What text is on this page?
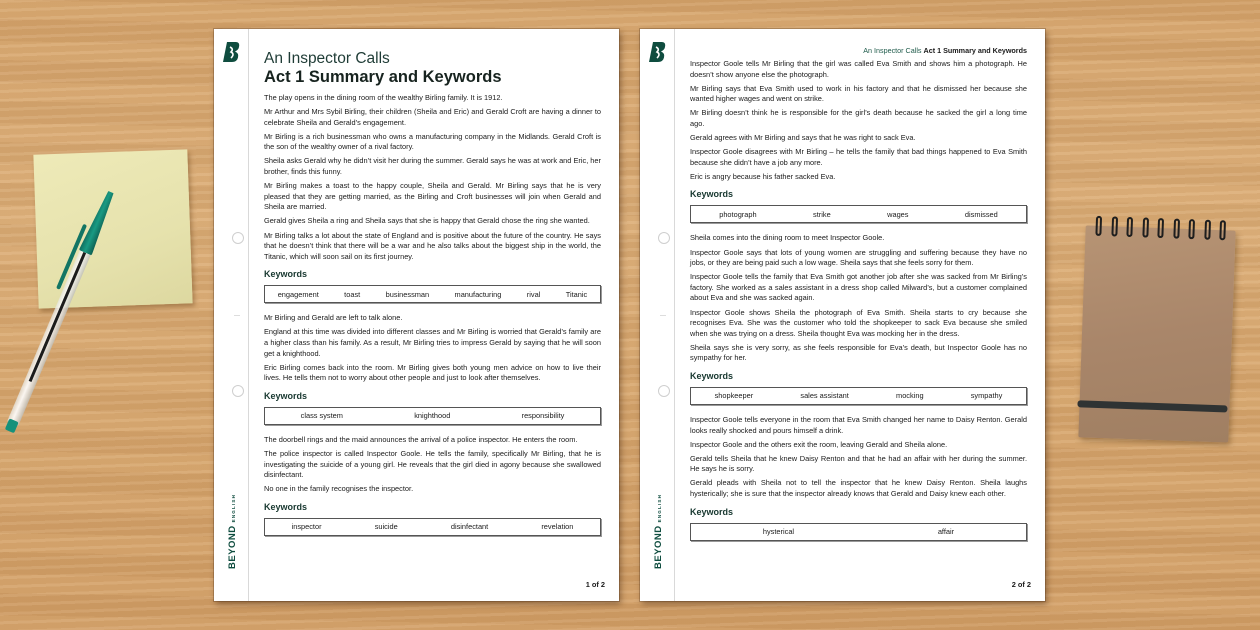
BEYONDENGLISH
An Inspector Calls
Act 1 Summary and Keywords

The play opens in the dining room of the wealthy Birling family. It is 1912.

Mr Arthur and Mrs Sybil Birling, their children (Sheila and Eric) and Gerald Croft are having a dinner to celebrate Sheila and Gerald’s engagement.

Mr Birling is a rich businessman who owns a manufacturing company in the Midlands. Gerald Croft is the son of the wealthy owner of a rival factory.

Sheila asks Gerald why he didn’t visit her during the summer. Gerald says he was at work and Eric, her brother, finds this funny.

Mr Birling makes a toast to the happy couple, Sheila and Gerald. Mr Birling says that he is very pleased that they are getting married, as the Birling and Croft businesses will join when Gerald and Sheila are married.

Gerald gives Sheila a ring and Sheila says that she is happy that Gerald chose the ring she wanted.

Mr Birling talks a lot about the state of England and is positive about the future of the country. He says that he doesn’t think that there will be a war and he also talks about the biggest ship in the world, the Titanic, which will soon sail on its first journey.

Keywords
engagement	toast	businessman	manufacturing	rival	Titanic

Mr Birling and Gerald are left to talk alone.

England at this time was divided into different classes and Mr Birling is worried that Gerald’s family are a higher class than his family. As a result, Mr Birling tries to impress Gerald by saying that he will soon get a knighthood.

Eric Birling comes back into the room. Mr Birling gives both young men advice on how to live their lives. He tells them not to worry about other people and just to look after themselves.

Keywords
class system	knighthood	responsibility

The doorbell rings and the maid announces the arrival of a police inspector. He enters the room.

The police inspector is called Inspector Goole. He tells the family, specifically Mr Birling, that he is investigating the suicide of a young girl. He reveals that the girl died in agony because she swallowed disinfectant.

No one in the family recognises the inspector.

Keywords
inspector	suicide	disinfectant	revelation
1 of 2
BEYONDENGLISH
An Inspector Calls Act 1 Summary and Keywords

Inspector Goole tells Mr Birling that the girl was called Eva Smith and shows him a photograph. He doesn’t show anyone else the photograph.

Mr Birling says that Eva Smith used to work in his factory and that he dismissed her because she wanted higher wages and went on strike.

Mr Birling doesn’t think he is responsible for the girl’s death because he sacked the girl a long time ago.

Gerald agrees with Mr Birling and says that he was right to sack Eva.

Inspector Goole disagrees with Mr Birling – he tells the family that bad things happened to Eva Smith because she didn’t have a job any more.

Eric is angry because his father sacked Eva.

Keywords
photograph	strike	wages	dismissed

Sheila comes into the dining room to meet Inspector Goole.

Inspector Goole says that lots of young women are struggling and suffering because they have no jobs, or they are being paid such a low wage. Sheila says that she feels sorry for them.

Inspector Goole tells the family that Eva Smith got another job after she was sacked from Mr Birling’s factory. She worked as a sales assistant in a dress shop called Milward’s, but a customer complained about Eva and she was sacked again.

Inspector Goole shows Sheila the photograph of Eva Smith. Sheila starts to cry because she recognises Eva. She was the customer who told the shopkeeper to sack Eva because she smiled when she was trying on a dress. Sheila thought Eva was mocking her in the dress.

Sheila says she is very sorry, as she feels responsible for Eva’s death, but Inspector Goole has no sympathy for her.

Keywords
shopkeeper	sales assistant	mocking	sympathy

Inspector Goole tells everyone in the room that Eva Smith changed her name to Daisy Renton. Gerald looks really shocked and pours himself a drink.

Inspector Goole and the others exit the room, leaving Gerald and Sheila alone.

Gerald tells Sheila that he knew Daisy Renton and that he had an affair with her during the summer. He says he is sorry.

Gerald pleads with Sheila not to tell the inspector that he knew Daisy Renton. Sheila laughs hysterically; she is sure that the inspector already knows that Gerald and Daisy knew each other.

Keywords
hysterical	affair
2 of 2
